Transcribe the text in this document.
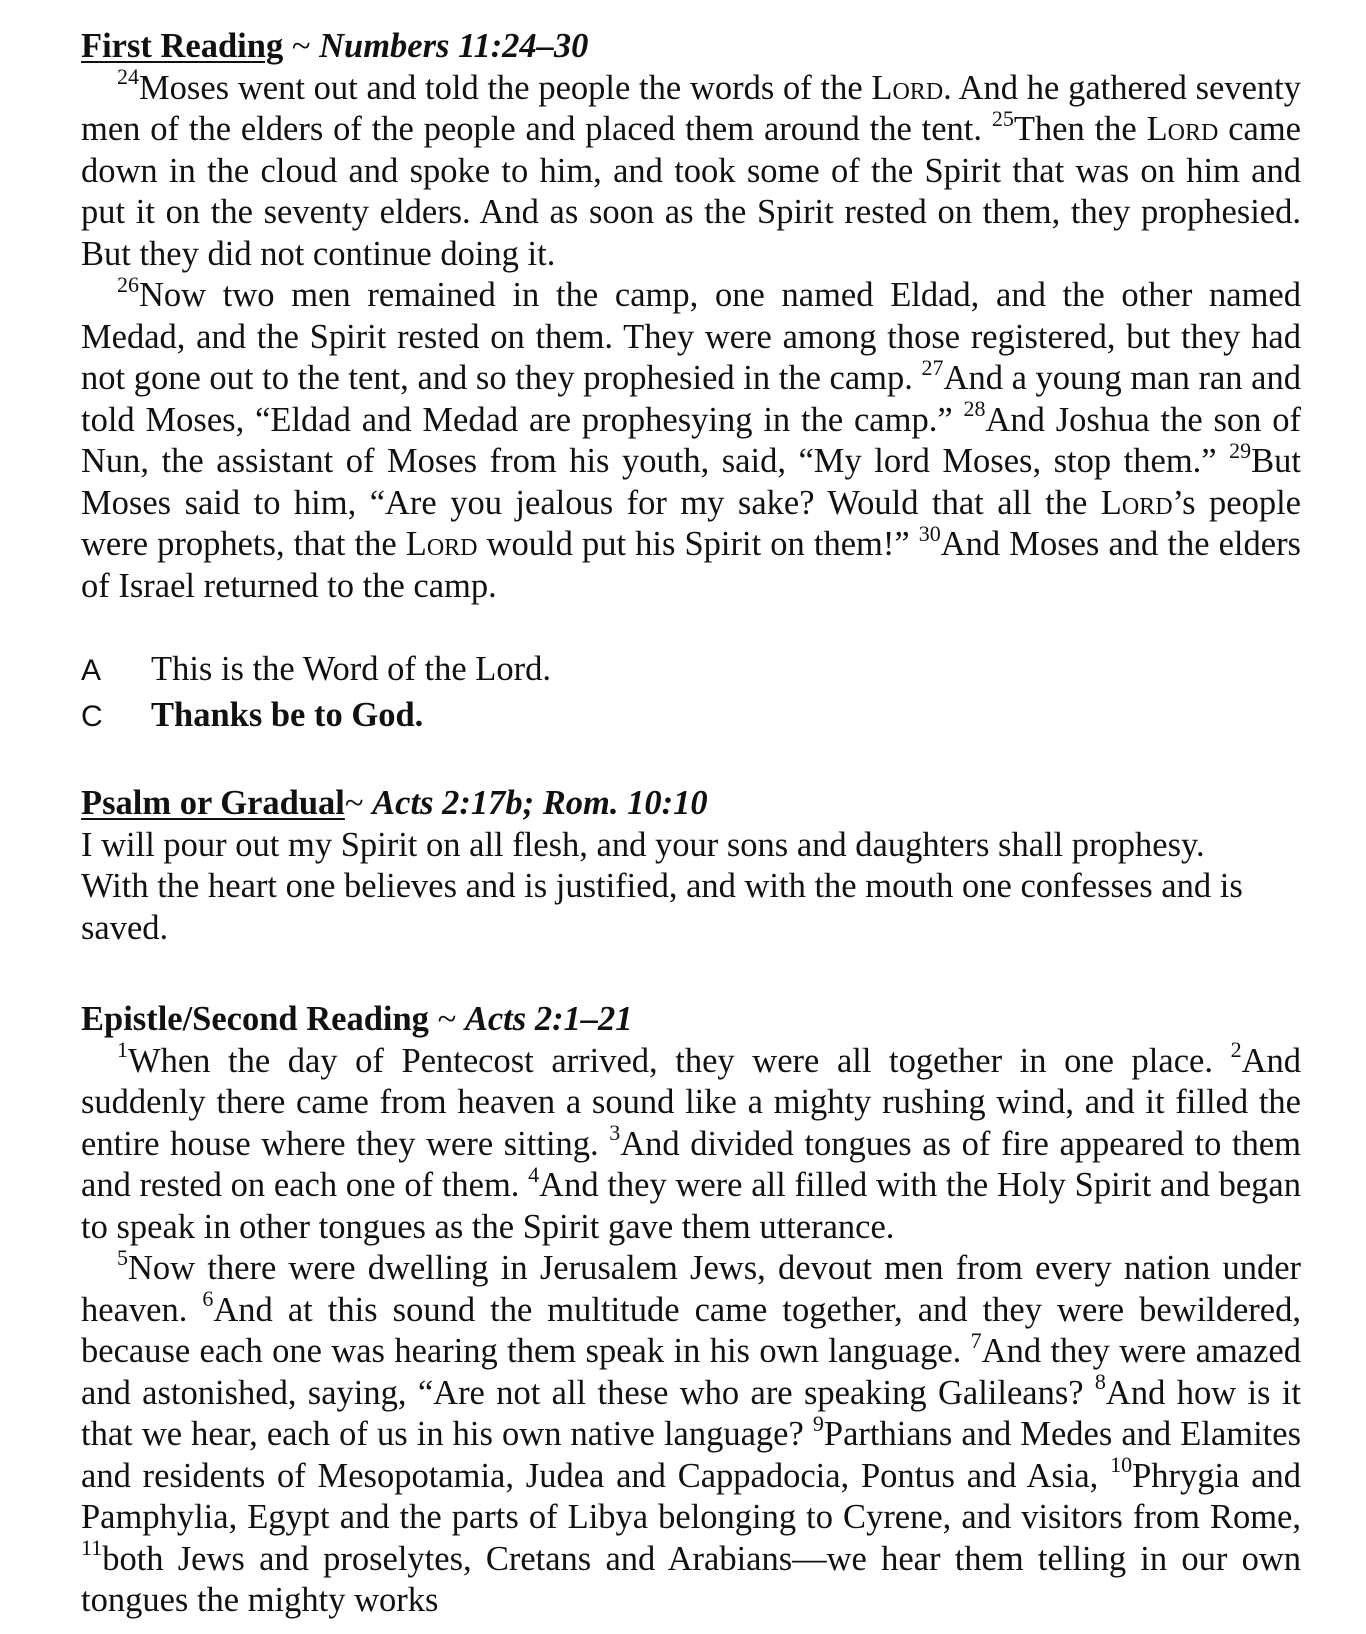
First Reading ~ Numbers 11:24–30

$^{24}$Moses went out and told the people the words of the Lord. And he gathered seventy men of the elders of the people and placed them around the tent. $^{25}$Then the Lord came down in the cloud and spoke to him, and took some of the Spirit that was on him and put it on the seventy elders. And as soon as the Spirit rested on them, they prophesied. But they did not continue doing it.

$^{26}$Now two men remained in the camp, one named Eldad, and the other named Medad, and the Spirit rested on them. They were among those registered, but they had not gone out to the tent, and so they prophesied in the camp. $^{27}$And a young man ran and told Moses, “Eldad and Medad are prophesying in the camp.” $^{28}$And Joshua the son of Nun, the assistant of Moses from his youth, said, “My lord Moses, stop them.” $^{29}$But Moses said to him, “Are you jealous for my sake? Would that all the Lord’s people were prophets, that the Lord would put his Spirit on them!” $^{30}$And Moses and the elders of Israel returned to the camp.

A	This is the Word of the Lord.
C	Thanks be to God.

Psalm or Gradual~ Acts 2:17b; Rom. 10:10

I will pour out my Spirit on all flesh, and your sons and daughters shall prophesy.

With the heart one believes and is justified, and with the mouth one confesses and is saved.

Epistle/Second Reading ~ Acts 2:1–21

$^1$When the day of Pentecost arrived, they were all together in one place. $^2$And suddenly there came from heaven a sound like a mighty rushing wind, and it filled the entire house where they were sitting. $^3$And divided tongues as of fire appeared to them and rested on each one of them. $^4$And they were all filled with the Holy Spirit and began to speak in other tongues as the Spirit gave them utterance.

$^5$Now there were dwelling in Jerusalem Jews, devout men from every nation under heaven. $^6$And at this sound the multitude came together, and they were bewildered, because each one was hearing them speak in his own language. $^7$And they were amazed and astonished, saying, “Are not all these who are speaking Galileans? $^8$And how is it that we hear, each of us in his own native language? $^9$Parthians and Medes and Elamites and residents of Mesopotamia, Judea and Cappadocia, Pontus and Asia, $^{10}$Phrygia and Pamphylia, Egypt and the parts of Libya belonging to Cyrene, and visitors from Rome, $^{11}$both Jews and proselytes, Cretans and Arabians—we hear them telling in our own tongues the mighty works
